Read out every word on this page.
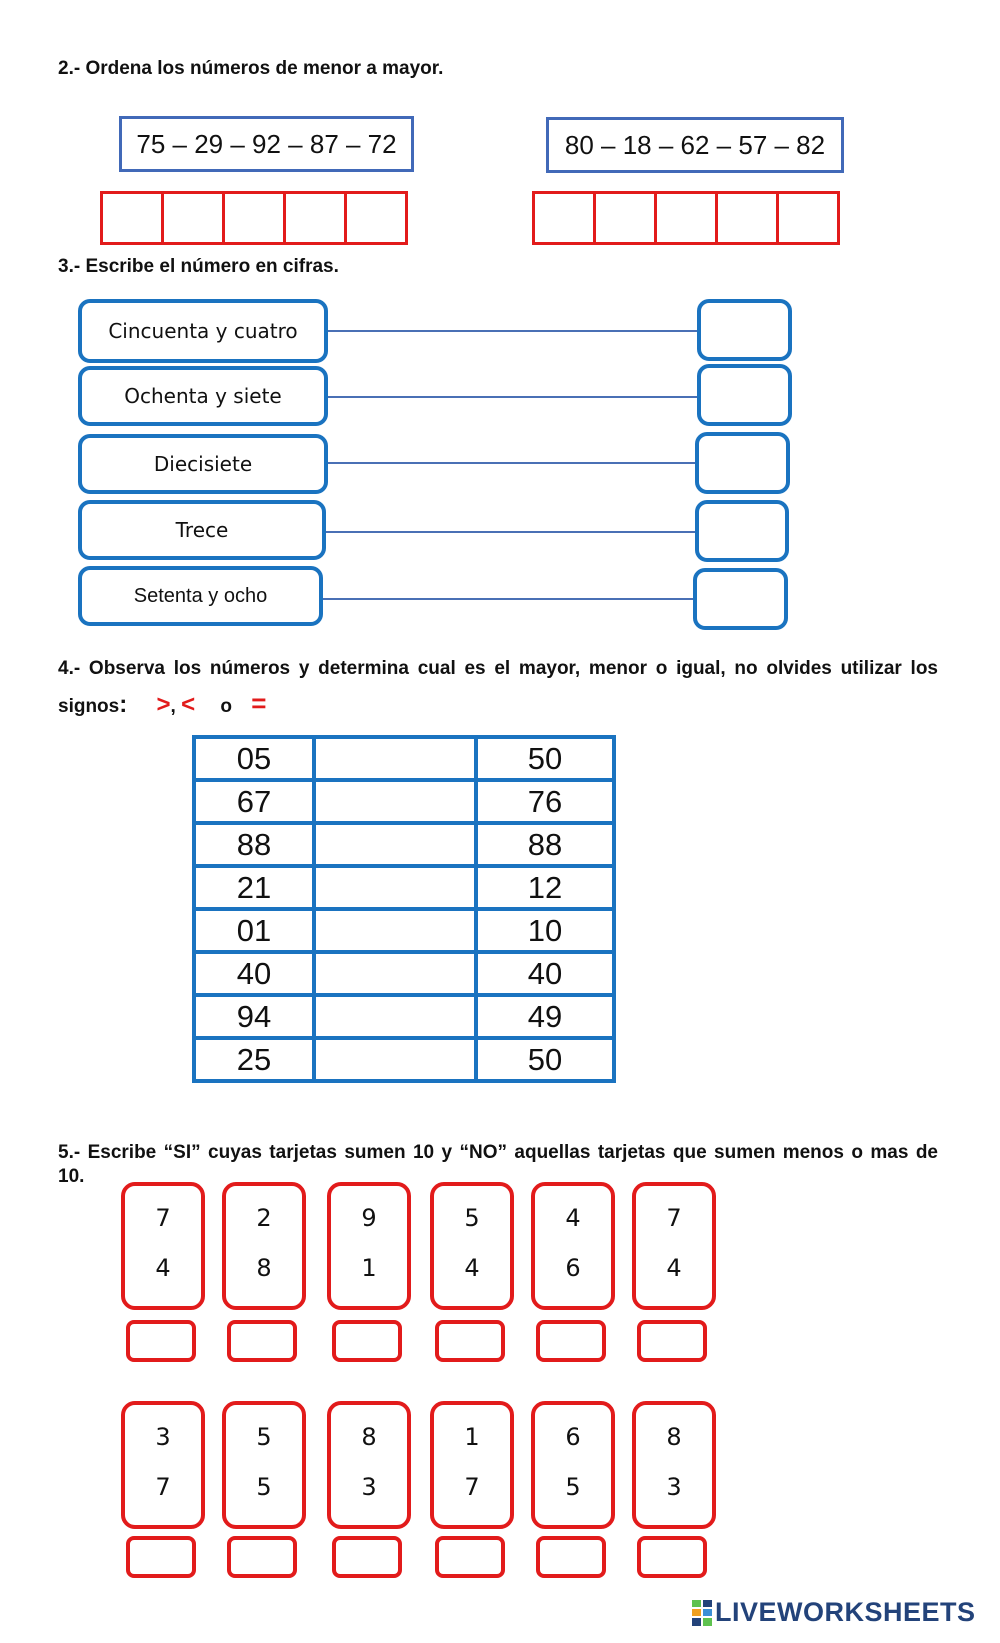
2.- Ordena los números de menor a mayor.
75 – 29 – 92 – 87 – 72	80 – 18 – 62 – 57 – 82
3.- Escribe el número en cifras.
Cincuenta y cuatro
Ochenta y siete
Diecisiete
Trece
Setenta y ocho
4.- Observa los números y determina cual es el mayor, menor o igual, no olvides utilizar los
signos: >, < o =
05		50
67		76
88		88
21		12
01		10
40		40
94		49
25		50
5.- Escribe “SI” cuyas tarjetas sumen 10 y “NO” aquellas tarjetas que sumen menos o mas de
10.
7
4
2
8
9
1
5
4
4
6
7
4
3
7
5
5
8
3
1
7
6
5
8
3
LIVEWORKSHEETS
